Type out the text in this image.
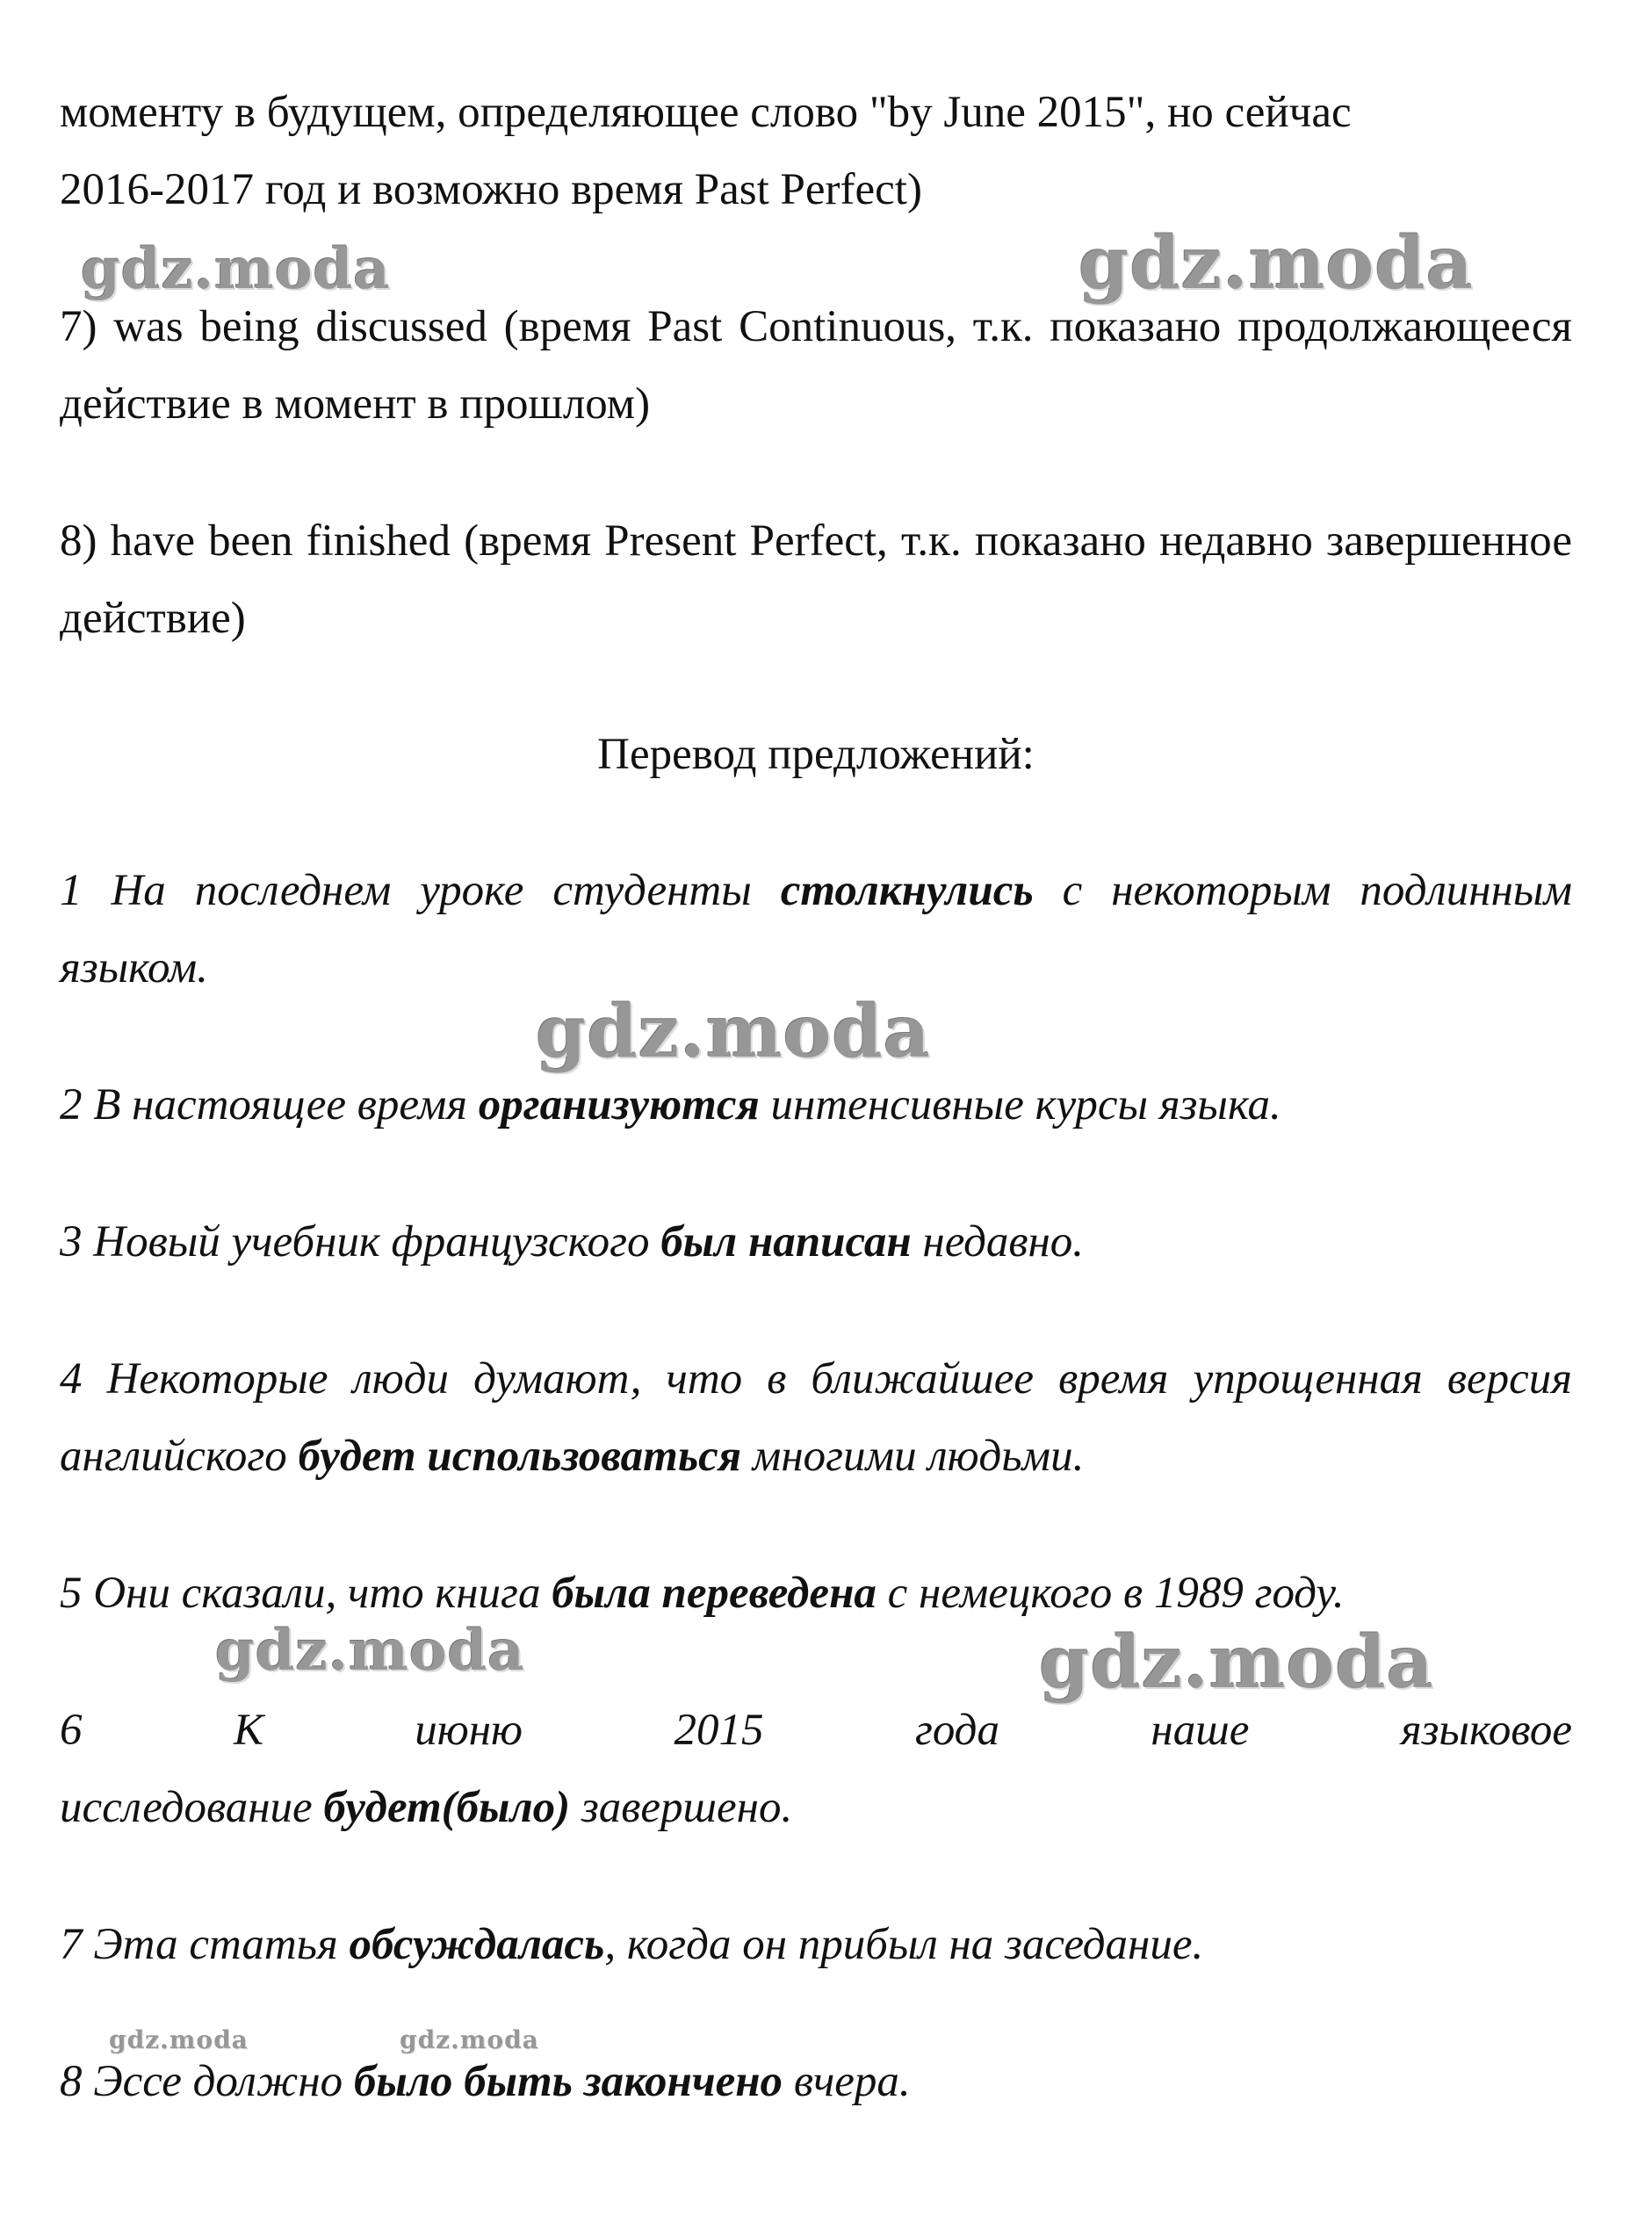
моменту в будущем, определяющее слово "by June 2015", но сейчас

2016-2017 год и возможно время Past Perfect)

7) was being discussed (время Past Continuous, т.к. показано продолжающееся действие в момент в прошлом)

8) have been finished (время Present Perfect, т.к. показано недавно завершенное действие)

Перевод предложений:

1 На последнем уроке студенты столкнулись с некоторым подлинным языком.

2 В настоящее время организуются интенсивные курсы языка.

3 Новый учебник французского был написан недавно.

4 Некоторые люди думают, что в ближайшее время упрощенная версия английского будет использоваться многими людьми.

5 Они сказали, что книга была переведена с немецкого в 1989 году.

6 К июню 2015 года наше языковое

исследование будет(было) завершено.

7 Эта статья обсуждалась, когда он прибыл на заседание.

8 Эссе должно было быть закончено вчера.

gdz.moda	gdz.moda
gdz.moda
gdz.moda	gdz.moda
gdz.moda	gdz.moda
